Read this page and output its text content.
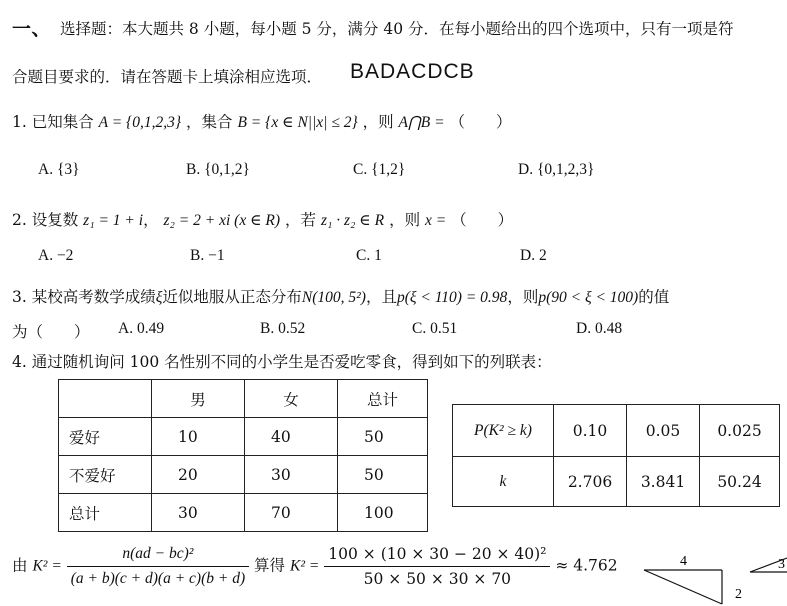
一、 选择题：本大题共 8 小题，每小题 5 分，满分 40 分．在每小题给出的四个选项中，只有一项是符
合题目要求的．请在答题卡上填涂相应选项． BADACDCB
1. 已知集合 A = {0,1,2,3} ，集合 B = {x ∈ N||x| ≤ 2} ，则 A⋂B = （　　）
A. {3}	B. {0,1,2}	C. {1,2}	D. {0,1,2,3}
2. 设复数 z₁ = 1 + i， z₂ = 2 + xi (x ∈ R) ，若 z₁ · z₂ ∈ R ，则 x = （　　）
A. −2	B. −1	C. 1	D. 2
3. 某校高考数学成绩ξ近似地服从正态分布N(100, 5²)，且p(ξ < 110) = 0.98，则p(90 < ξ < 100)的值
为（　　） A. 0.49	B. 0.52	C. 0.51	D. 0.48
4. 通过随机询问 100 名性别不同的小学生是否爱吃零食，得到如下的列联表：
	男	女	总计
爱好	10	40	50
不爱好	20	30	50
总计	30	70	100
P(K² ≥ k)	0.10	0.05	0.025
k	2.706	3.841	50.24
由 $K^2 = \frac{\text{n(ad − bc)²}}{(a + b)(c + d)(a + c)(b + d)}$ 算得 $K^2 = \frac{\text{100 × (10 × 30 − 20 × 40)²}}{50 \times 50 \times 30 \times 70} \approx 4.762$	4
2
3
